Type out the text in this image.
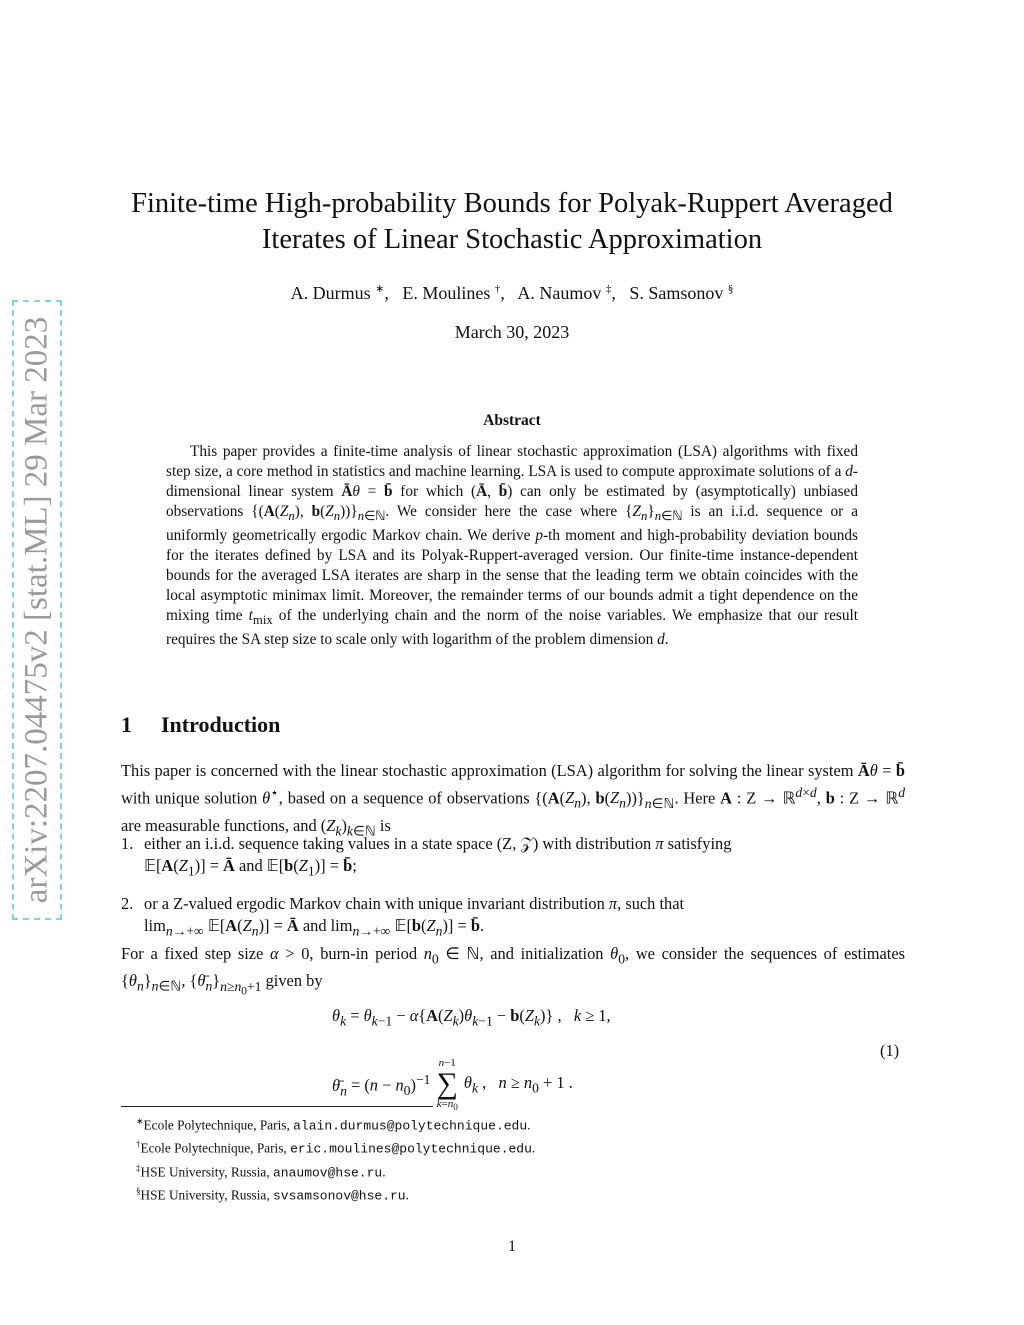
arXiv:2207.04475v2 [stat.ML] 29 Mar 2023
Finite-time High-probability Bounds for Polyak-Ruppert Averaged
Iterates of Linear Stochastic Approximation
A. Durmus ∗,   E. Moulines †,   A. Naumov ‡,   S. Samsonov §
March 30, 2023
Abstract
This paper provides a finite-time analysis of linear stochastic approximation (LSA) algorithms with fixed step size, a core method in statistics and machine learning. LSA is used to compute approximate solutions of a d-dimensional linear system Āθ = b̄ for which (Ā, b̄) can only be estimated by (asymptotically) unbiased observations {($A(Z_n)$, $b(Z_n))\}_{n\in ℕ}$. We consider here the case where $\{Z_n\}_{n\in ℕ}$ is an i.i.d. sequence or a uniformly geometrically ergodic Markov chain. We derive p-th moment and high-probability deviation bounds for the iterates defined by LSA and its Polyak-Ruppert-averaged version. Our finite-time instance-dependent bounds for the averaged LSA iterates are sharp in the sense that the leading term we obtain coincides with the local asymptotic minimax limit. Moreover, the remainder terms of our bounds admit a tight dependence on the mixing time $t_{mix}$ of the underlying chain and the norm of the noise variables. We emphasize that our result requires the SA step size to scale only with logarithm of the problem dimension d.
1 Introduction
This paper is concerned with the linear stochastic approximation (LSA) algorithm for solving the linear system Āθ = b̄ with unique solution θ⋆, based on a sequence of observations {($A(Z_n)$, $b(Z_n))\}_{n\in ℕ}$. Here A : Z → ℝ$^{d\times d}$, b : Z → ℝ$^d$ are measurable functions, and $(Z_k)_{k\in ℕ}$ is
1. either an i.i.d. sequence taking values in a state space (Z, 𝒵) with distribution π satisfying
$𝔼[A(Z_1)]$ = Ā and $𝔼[b(Z_1)]$ = b̄;
2. or a Z-valued ergodic Markov chain with unique invariant distribution π, such that
$\lim_{n\to+\infty}$ $𝔼[A(Z_n)]$ = Ā and $\lim_{n\to+\infty}$ $𝔼[b(Z_n)]$ = b̄.
For a fixed step size α > 0, burn-in period $n_0$ ∈ ℕ, and initialization $\theta_0$, we consider the sequences of estimates $\{\theta_n\}_{n\in ℕ}$, $\{\thetā_n\}_{n\ge n_0+1}$ given by
$\theta_k = \theta_{k-1} - \alpha\{A(Z_k)\theta_{k-1} - b(Z_k)\}$ ,   k ≥ 1,
$\thetā_n = (n - n_0)^{-1}$
n−1
∑
$k=n_0$
$\theta_k$ ,   $n \ge n_0 + 1$ .
(1)
∗Ecole Polytechnique, Paris, alain.durmus@polytechnique.edu.
†Ecole Polytechnique, Paris, eric.moulines@polytechnique.edu.
‡HSE University, Russia, anaumov@hse.ru.
§HSE University, Russia, svsamsonov@hse.ru.
1
